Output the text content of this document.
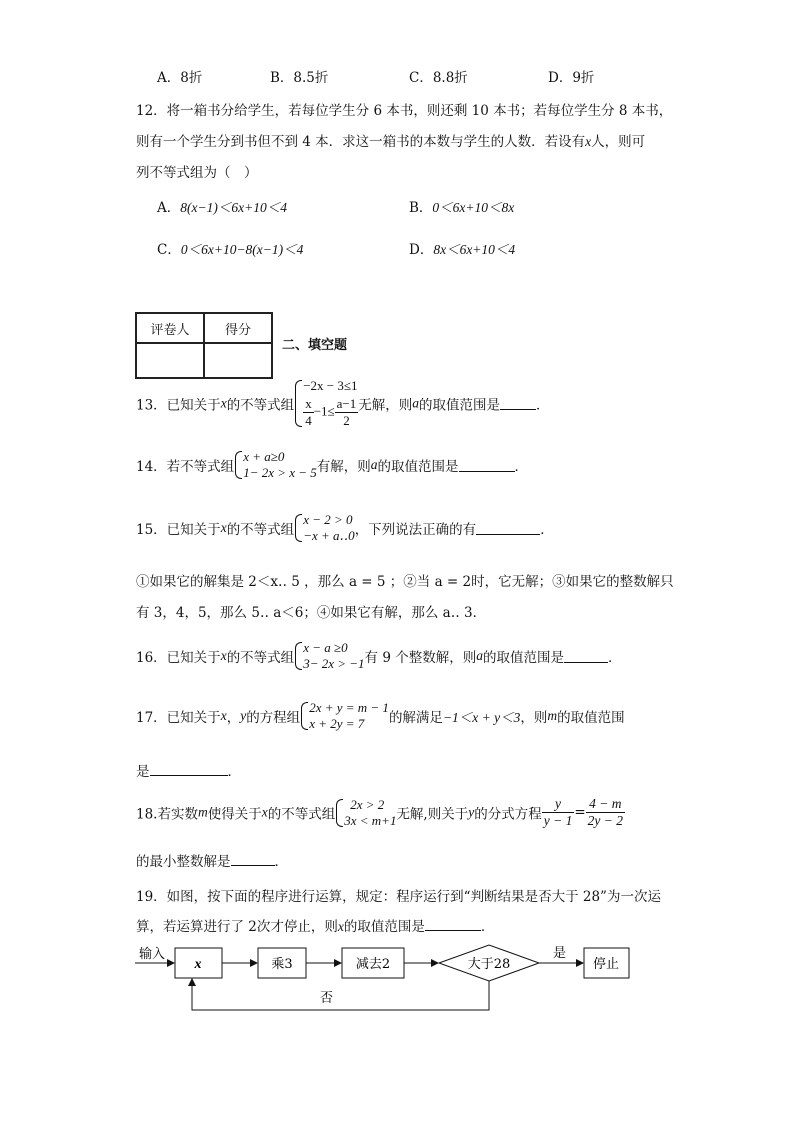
A．8折	B．8.5折	C．8.8折	D．9折
12．将一箱书分给学生，若每位学生分 6 本书，则还剩 10 本书；若每位学生分 8 本书，
则有一个学生分到书但不到 4 本．求这一箱书的本数与学生的人数．若设有x人，则可
列不等式组为（　）
A．8(x−1)＜6x+10＜4	B．0＜6x+10＜8x
C．0＜6x+10−8(x−1)＜4	D．8x＜6x+10＜4
评卷人	得分

二、填空题
13．已知关于x的不等式组
−2x − 3≤1
$\frac{x}{4} -1\le \frac{a-1}{2}$ 无解，则a的取值范围是	．
14．若不等式组
x + a≥0
1− 2x > x − 5 有解，则a的取值范围是	．
15．已知关于x的不等式组
x − 2 > 0
−x + a‥0 ，下列说法正确的有	．
①如果它的解集是 2＜x‥ 5 ，那么 a = 5 ；②当 a = 2时，它无解；③如果它的整数解只
有 3，4，5，那么 5‥ a＜6；④如果它有解，那么 a‥ 3．
16．已知关于x的不等式组
x − a ≥0
3− 2x > −1 有 9 个整数解，则a的取值范围是	．
17．已知关于x，y的方程组
2x + y = m − 1
x + 2y = 7	的解满足−1＜x + y＜3，则m的取值范围
是	．
18.若实数m使得关于x的不等式组
2x > 2
3x < m+1 无解,则关于y的分式方程 $\frac{y}{y - 1} = \frac{4 - m}{2y - 2}$
的最小整数解是	．
19．如图，按下面的程序进行运算，规定：程序运行到“判断结果是否大于 28”为一次运
算，若运算进行了 2次才停止，则x的取值范围是	．
输入
x	乘3	减去2	大于28
是
停止
否
